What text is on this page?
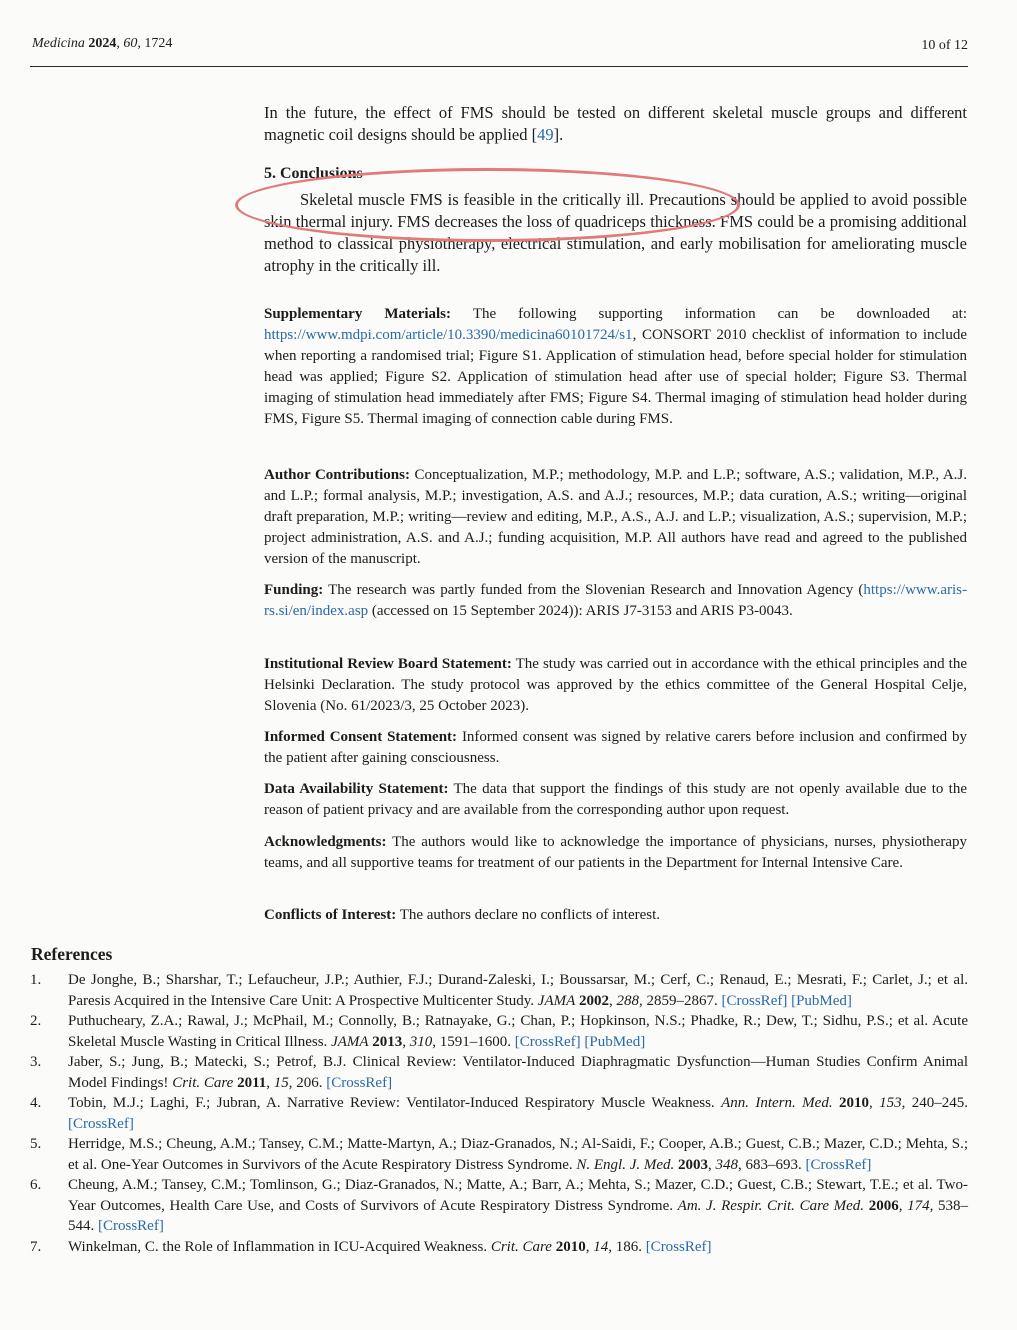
Medicina 2024, 60, 1724	10 of 12

In the future, the effect of FMS should be tested on different skeletal muscle groups and different magnetic coil designs should be applied [49].

5. Conclusions

Skeletal muscle FMS is feasible in the critically ill. Precautions should be applied to avoid possible skin thermal injury. FMS decreases the loss of quadriceps thickness. FMS could be a promising additional method to classical physiotherapy, electrical stimulation, and early mobilisation for ameliorating muscle atrophy in the critically ill.

Supplementary Materials: The following supporting information can be downloaded at: https://www.mdpi.com/article/10.3390/medicina60101724/s1, CONSORT 2010 checklist of information to include when reporting a randomised trial; Figure S1. Application of stimulation head, before special holder for stimulation head was applied; Figure S2. Application of stimulation head after use of special holder; Figure S3. Thermal imaging of stimulation head immediately after FMS; Figure S4. Thermal imaging of stimulation head holder during FMS, Figure S5. Thermal imaging of connection cable during FMS.

Author Contributions: Conceptualization, M.P.; methodology, M.P. and L.P.; software, A.S.; validation, M.P., A.J. and L.P.; formal analysis, M.P.; investigation, A.S. and A.J.; resources, M.P.; data curation, A.S.; writing—original draft preparation, M.P.; writing—review and editing, M.P., A.S., A.J. and L.P.; visualization, A.S.; supervision, M.P.; project administration, A.S. and A.J.; funding acquisition, M.P. All authors have read and agreed to the published version of the manuscript.

Funding: The research was partly funded from the Slovenian Research and Innovation Agency (https://www.aris-rs.si/en/index.asp (accessed on 15 September 2024)): ARIS J7-3153 and ARIS P3-0043.

Institutional Review Board Statement: The study was carried out in accordance with the ethical principles and the Helsinki Declaration. The study protocol was approved by the ethics committee of the General Hospital Celje, Slovenia (No. 61/2023/3, 25 October 2023).

Informed Consent Statement: Informed consent was signed by relative carers before inclusion and confirmed by the patient after gaining consciousness.

Data Availability Statement: The data that support the findings of this study are not openly available due to the reason of patient privacy and are available from the corresponding author upon request.

Acknowledgments: The authors would like to acknowledge the importance of physicians, nurses, physiotherapy teams, and all supportive teams for treatment of our patients in the Department for Internal Intensive Care.

Conflicts of Interest: The authors declare no conflicts of interest.

References
1. De Jonghe, B.; Sharshar, T.; Lefaucheur, J.P.; Authier, F.J.; Durand-Zaleski, I.; Boussarsar, M.; Cerf, C.; Renaud, E.; Mesrati, F.; Carlet, J.; et al. Paresis Acquired in the Intensive Care Unit: A Prospective Multicenter Study. JAMA 2002, 288, 2859–2867. [CrossRef] [PubMed]
2. Puthucheary, Z.A.; Rawal, J.; McPhail, M.; Connolly, B.; Ratnayake, G.; Chan, P.; Hopkinson, N.S.; Phadke, R.; Dew, T.; Sidhu, P.S.; et al. Acute Skeletal Muscle Wasting in Critical Illness. JAMA 2013, 310, 1591–1600. [CrossRef] [PubMed]
3. Jaber, S.; Jung, B.; Matecki, S.; Petrof, B.J. Clinical Review: Ventilator-Induced Diaphragmatic Dysfunction—Human Studies Confirm Animal Model Findings! Crit. Care 2011, 15, 206. [CrossRef]
4. Tobin, M.J.; Laghi, F.; Jubran, A. Narrative Review: Ventilator-Induced Respiratory Muscle Weakness. Ann. Intern. Med. 2010, 153, 240–245. [CrossRef]
5. Herridge, M.S.; Cheung, A.M.; Tansey, C.M.; Matte-Martyn, A.; Diaz-Granados, N.; Al-Saidi, F.; Cooper, A.B.; Guest, C.B.; Mazer, C.D.; Mehta, S.; et al. One-Year Outcomes in Survivors of the Acute Respiratory Distress Syndrome. N. Engl. J. Med. 2003, 348, 683–693. [CrossRef]
6. Cheung, A.M.; Tansey, C.M.; Tomlinson, G.; Diaz-Granados, N.; Matte, A.; Barr, A.; Mehta, S.; Mazer, C.D.; Guest, C.B.; Stewart, T.E.; et al. Two-Year Outcomes, Health Care Use, and Costs of Survivors of Acute Respiratory Distress Syndrome. Am. J. Respir. Crit. Care Med. 2006, 174, 538–544. [CrossRef]
7. Winkelman, C. the Role of Inflammation in ICU-Acquired Weakness. Crit. Care 2010, 14, 186. [CrossRef]
